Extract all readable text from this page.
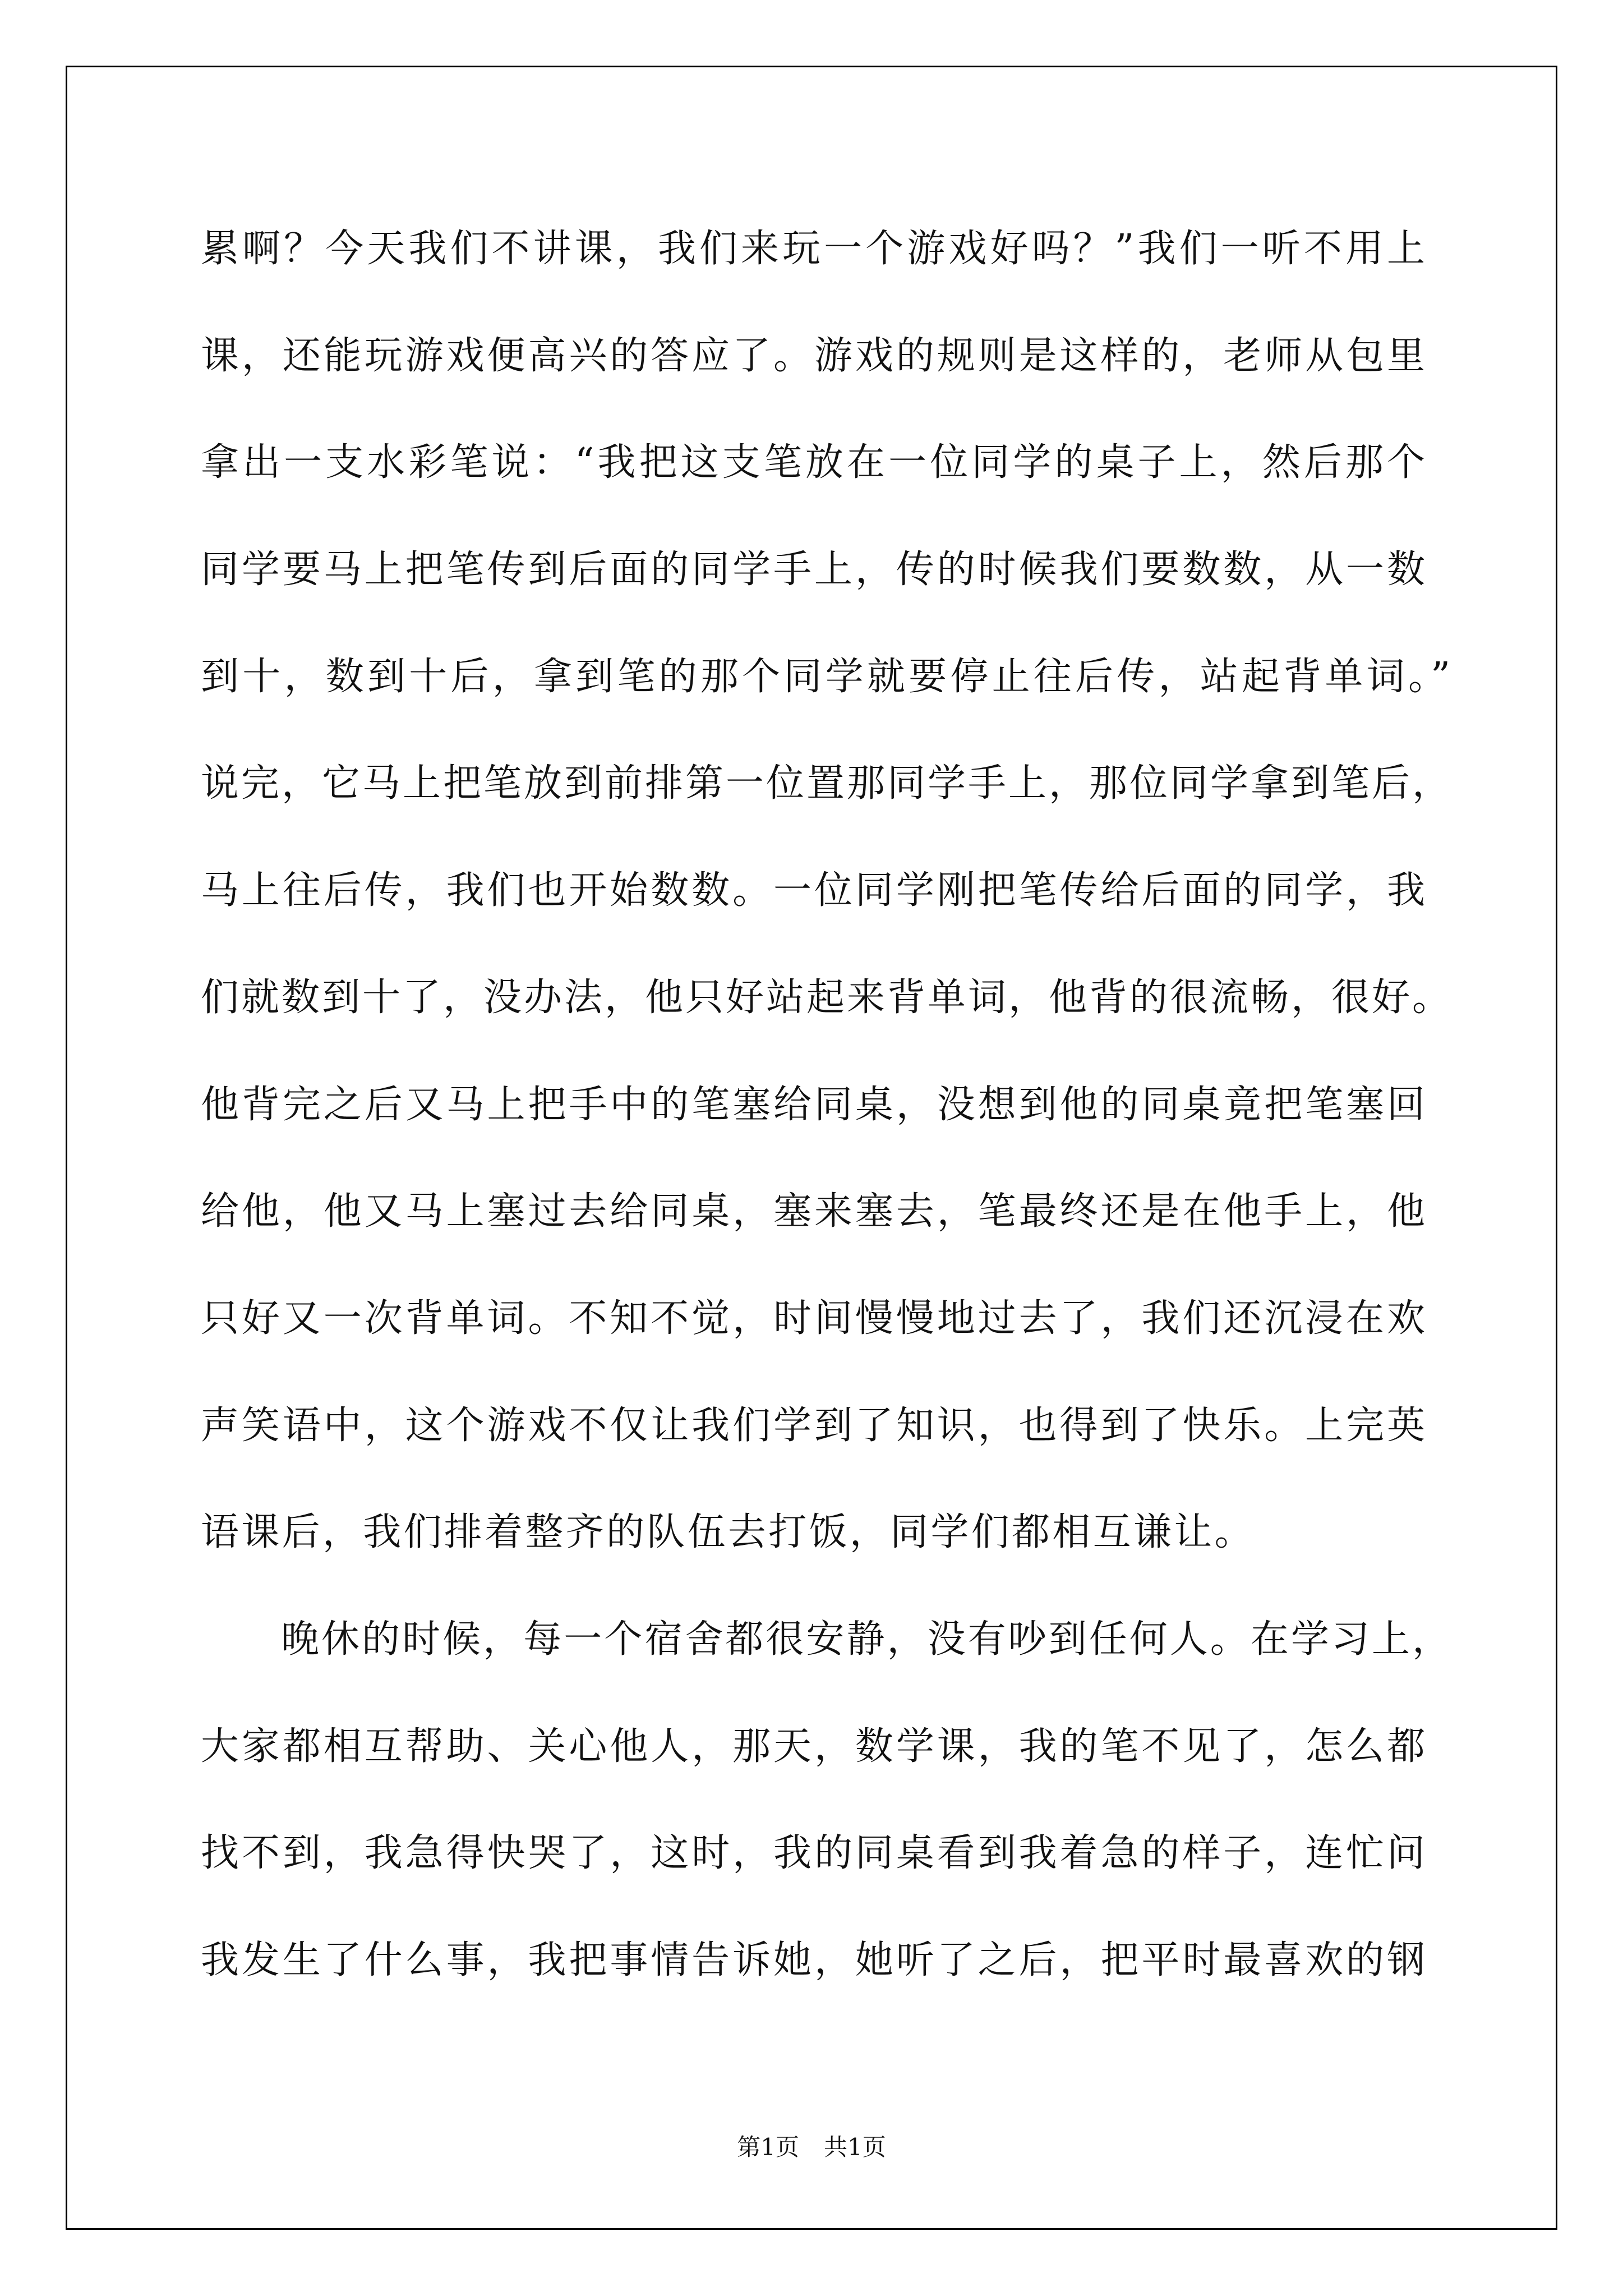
累啊？今天我们不讲课，我们来玩一个游戏好吗？”我们一听不用上
课，还能玩游戏便高兴的答应了。游戏的规则是这样的，老师从包里
拿出一支水彩笔说：“我把这支笔放在一位同学的桌子上，然后那个
同学要马上把笔传到后面的同学手上，传的时候我们要数数，从一数
到十，数到十后，拿到笔的那个同学就要停止往后传，站起背单词。”
说完，它马上把笔放到前排第一位置那同学手上，那位同学拿到笔后，
马上往后传，我们也开始数数。一位同学刚把笔传给后面的同学，我
们就数到十了，没办法，他只好站起来背单词，他背的很流畅，很好。
他背完之后又马上把手中的笔塞给同桌，没想到他的同桌竟把笔塞回
给他，他又马上塞过去给同桌，塞来塞去，笔最终还是在他手上，他
只好又一次背单词。不知不觉，时间慢慢地过去了，我们还沉浸在欢
声笑语中，这个游戏不仅让我们学到了知识，也得到了快乐。上完英
语课后，我们排着整齐的队伍去打饭，同学们都相互谦让。
晚休的时候，每一个宿舍都很安静，没有吵到任何人。在学习上，
大家都相互帮助、关心他人，那天，数学课，我的笔不见了，怎么都
找不到，我急得快哭了，这时，我的同桌看到我着急的样子，连忙问
我发生了什么事，我把事情告诉她，她听了之后，把平时最喜欢的钢
第1页 共1页
